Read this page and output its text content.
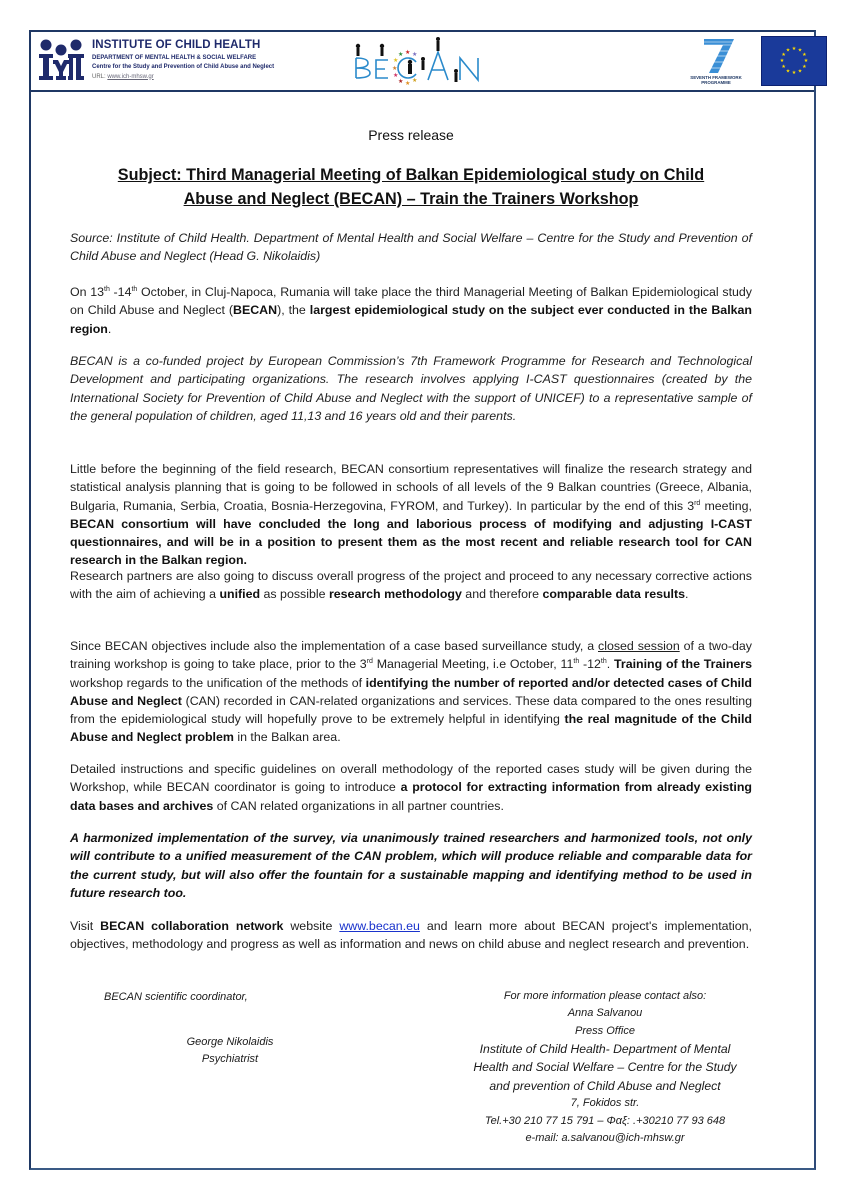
INSTITUTE OF CHILD HEALTH
DEPARTMENT OF MENTAL HEALTH & SOCIAL WELFARE
Centre for the Study and Prevention of Child Abuse and Neglect
URL: www.ich-mhsw.gr
★ ★ ★
★
★
★
★ ★ ★	SEVENTH FRAMEWORK
PROGRAMME
★ ★
★
★
★
★
★
★
★
★
★
★
Press release
Subject: Third Managerial Meeting of Balkan Epidemiological study on Child
Abuse and Neglect (BECAN) – Train the Trainers Workshop
Source: Institute of Child Health. Department of Mental Health and Social Welfare – Centre for the Study and Prevention of Child Abuse and Neglect (Head G. Nikolaidis)
On 13th -14th October, in Cluj-Napoca, Rumania will take place the third Managerial Meeting of Balkan Epidemiological study on Child Abuse and Neglect (BECAN), the largest epidemiological study on the subject ever conducted in the Balkan region.
BECAN is a co-funded project by European Commission’s 7th Framework Programme for Research and Technological Development and participating organizations. The research involves applying I-CAST questionnaires (created by the International Society for Prevention of Child Abuse and Neglect with the support of UNICEF) to a representative sample of the general population of children, aged 11,13 and 16 years old and their parents.
Little before the beginning of the field research, BECAN consortium representatives will finalize the research strategy and statistical analysis planning that is going to be followed in schools of all levels of the 9 Balkan countries (Greece, Albania, Bulgaria, Rumania, Serbia, Croatia, Bosnia-Herzegovina, FYROM, and Turkey). In particular by the end of this 3rd meeting, BECAN consortium will have concluded the long and laborious process of modifying and adjusting I-CAST questionnaires, and will be in a position to present them as the most recent and reliable research tool for CAN research in the Balkan region.
Research partners are also going to discuss overall progress of the project and proceed to any necessary corrective actions with the aim of achieving a unified as possible research methodology and therefore comparable data results.
Since BECAN objectives include also the implementation of a case based surveillance study, a closed session of a two-day training workshop is going to take place, prior to the 3rd Managerial Meeting, i.e October, 11th -12th. Training of the Trainers workshop regards to the unification of the methods of identifying the number of reported and/or detected cases of Child Abuse and Neglect (CAN) recorded in CAN-related organizations and services. These data compared to the ones resulting from the epidemiological study will hopefully prove to be extremely helpful in identifying the real magnitude of the Child Abuse and Neglect problem in the Balkan area.
Detailed instructions and specific guidelines on overall methodology of the reported cases study will be given during the Workshop, while BECAN coordinator is going to introduce a protocol for extracting information from already existing data bases and archives of CAN related organizations in all partner countries.
A harmonized implementation of the survey, via unanimously trained researchers and harmonized tools, not only will contribute to a unified measurement of the CAN problem, which will produce reliable and comparable data for the current study, but will also offer the fountain for a sustainable mapping and identifying method to be used in future research too.
Visit BECAN collaboration network website www.becan.eu and learn more about BECAN project's implementation, objectives, methodology and progress as well as information and news on child abuse and neglect research and prevention.
BECAN scientific coordinator,
George Nikolaidis
Psychiatrist
For more information please contact also:
Anna Salvanou
Press Office
Institute of Child Health- Department of Mental
Health and Social Welfare – Centre for the Study
and prevention of Child Abuse and Neglect
7, Fokidos str.
Tel.+30 210 77 15 791 – Φαξ: .+30210 77 93 648
e-mail: a.salvanou@ich-mhsw.gr
